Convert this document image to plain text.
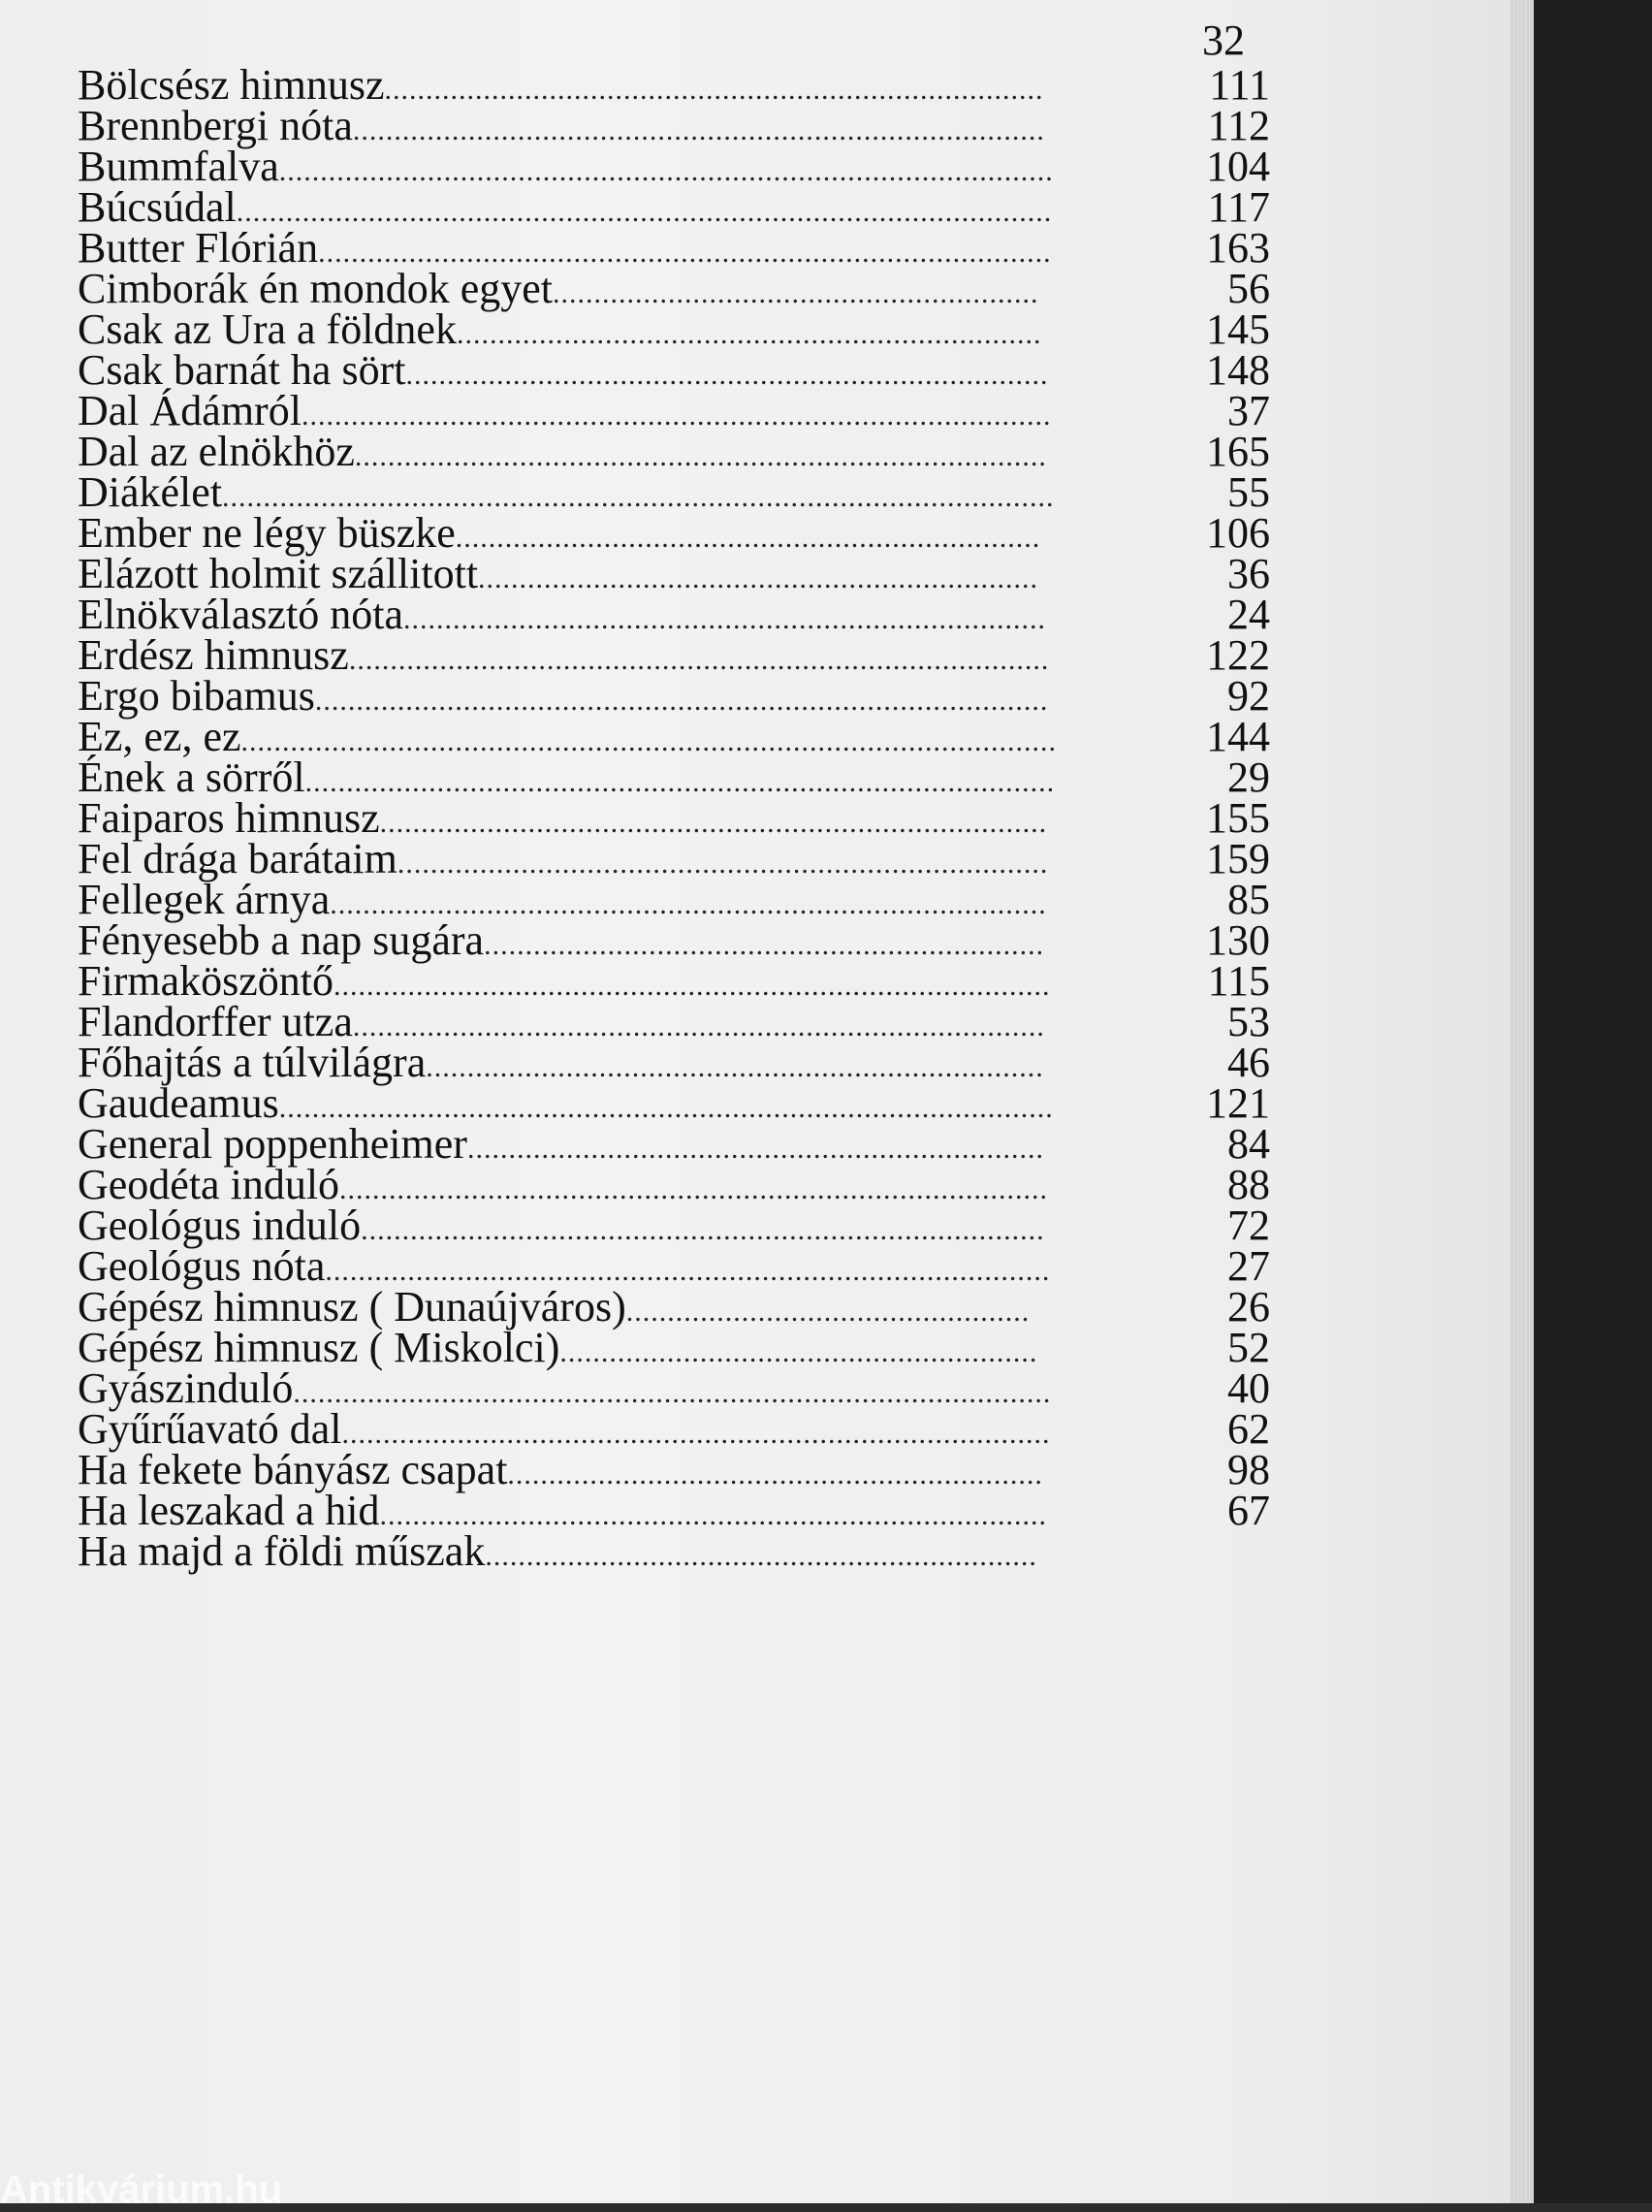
32

Bölcsész himnusz ................................................................................	111
Brennbergi nóta ....................................................................................	112
Bummfalva ..............................................................................................	104
Búcsúdal ...................................................................................................	117
Butter Flórián .........................................................................................	163
Cimborák én mondok egyet ...........................................................	56
Csak az Ura a földnek .......................................................................	145
Csak barnát ha sört ..............................................................................	148
Dal Ádámról ...........................................................................................	37
Dal az elnökhöz ....................................................................................	165
Diákélet .....................................................................................................	55
Ember ne légy büszke .......................................................................	106
Elázott holmit szállitott ....................................................................	36
Elnökválasztó nóta ..............................................................................	24
Erdész himnusz .....................................................................................	122
Ergo bibamus .........................................................................................	92
Ez, ez, ez ...................................................................................................	144
Ének a sörről ...........................................................................................	29
Faiparos himnusz .................................................................................	155
Fel drága barátaim ...............................................................................	159
Fellegek árnya .......................................................................................	85
Fényesebb a nap sugára ....................................................................	130
Firmaköszöntő .......................................................................................	115
Flandorffer utza ....................................................................................	53
Főhajtás a túlvilágra ...........................................................................	46
Gaudeamus ..............................................................................................	121
General poppenheimer ......................................................................	84
Geodéta induló ......................................................................................	88
Geológus induló ...................................................................................	72
Geológus nóta ........................................................................................	27
Gépész himnusz ( Dunaújváros) .................................................	26
Gépész himnusz ( Miskolci) ..........................................................	52
Gyászinduló ............................................................................................	40
Gyűrűavató dal ......................................................................................	62
Ha fekete bányász csapat .................................................................	98
Ha leszakad a hid .................................................................................	67
Ha majd a földi műszak ...................................................................

Antikvárium.hu
